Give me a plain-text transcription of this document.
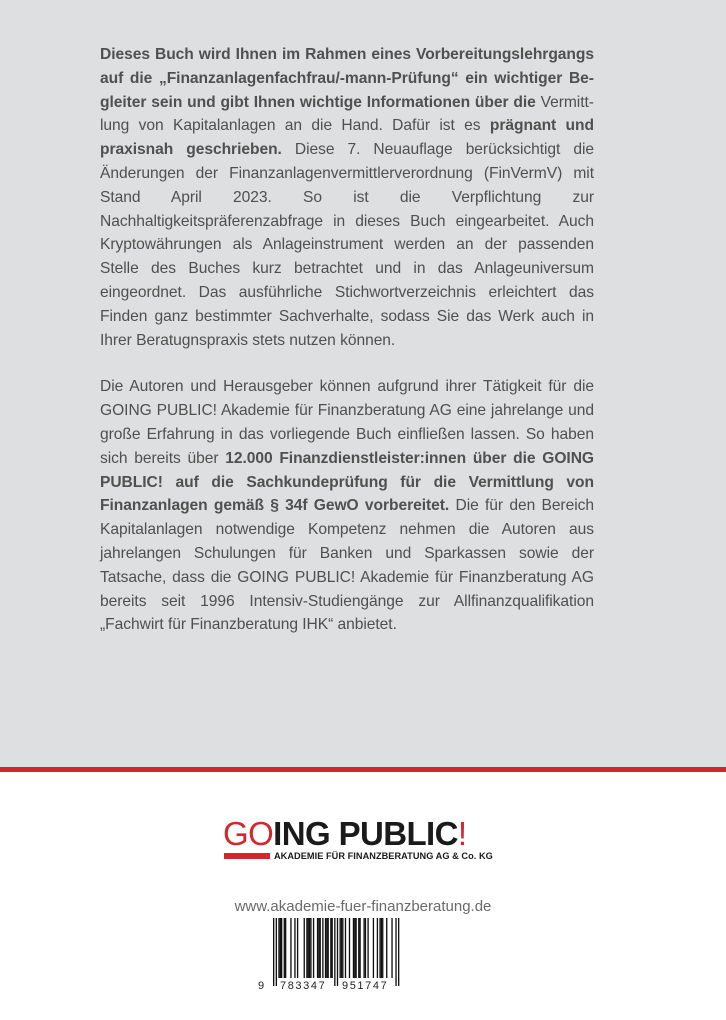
Dieses Buch wird Ihnen im Rahmen eines Vorbereitungslehrgangs auf die „Finanzanlagenfachfrau/-mann-Prüfung“ ein wichtiger Begleiter sein und gibt Ihnen wichtige Informationen über die Vermittlung von Kapitalanlagen an die Hand. Dafür ist es prägnant und praxisnah geschrieben. Diese 7. Neuauflage berücksichtigt die Änderungen der Finanzanlagenvermittlerverordnung (FinVermV) mit Stand April 2023. So ist die Verpflichtung zur Nachhaltigkeitspräferenzabfrage in dieses Buch eingearbeitet. Auch Kryptowährungen als Anlageinstrument werden an der passenden Stelle des Buches kurz betrachtet und in das Anlageuniversum eingeordnet. Das ausführliche Stichwortverzeichnis erleichtert das Finden ganz bestimmter Sachverhalte, sodass Sie das Werk auch in Ihrer Beratugnspraxis stets nutzen können.

Die Autoren und Herausgeber können aufgrund ihrer Tätigkeit für die GOING PUBLIC! Akademie für Finanzberatung AG eine jahrelange und große Erfahrung in das vorliegende Buch einfließen lassen. So haben sich bereits über 12.000 Finanzdienstleister:innen über die GOING PUBLIC! auf die Sachkundeprüfung für die Vermittlung von Finanzanlagen gemäß § 34f GewO vorbereitet. Die für den Bereich Kapitalanlagen notwendige Kompetenz nehmen die Autoren aus jahrelangen Schulungen für Banken und Sparkassen sowie der Tatsache, dass die GOING PUBLIC! Akademie für Finanzberatung AG bereits seit 1996 Intensiv-Studiengänge zur Allfinanzqualifikation „Fachwirt für Finanzberatung IHK“ anbietet.

GOING PUBLIC!
AKADEMIE FÜR FINANZBERATUNG AG & Co. KG
www.akademie-fuer-finanzberatung.de
9 783347 951747
